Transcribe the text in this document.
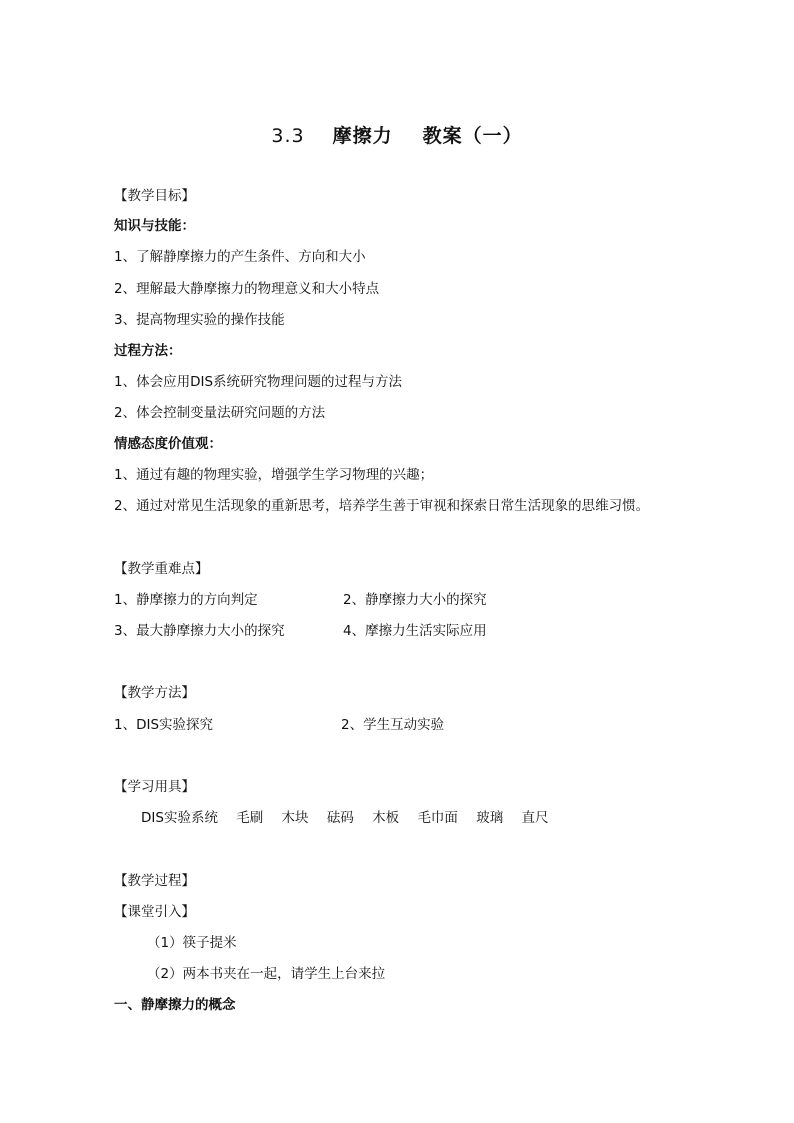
3.3 摩擦力 教案（一）
【教学目标】
知识与技能：
1、了解静摩擦力的产生条件、方向和大小
2、理解最大静摩擦力的物理意义和大小特点
3、提高物理实验的操作技能
过程方法：
1、体会应用DIS系统研究物理问题的过程与方法
2、体会控制变量法研究问题的方法
情感态度价值观：
1、通过有趣的物理实验，增强学生学习物理的兴趣；
2、通过对常见生活现象的重新思考，培养学生善于审视和探索日常生活现象的思维习惯。
【教学重难点】
1、静摩擦力的方向判定	2、静摩擦力大小的探究
3、最大静摩擦力大小的探究	4、摩擦力生活实际应用
【教学方法】
1、DIS实验探究	2、学生互动实验
【学习用具】
DIS实验系统 毛刷 木块 砝码 木板 毛巾面 玻璃 直尺
【教学过程】
【课堂引入】
（1）筷子提米
（2）两本书夹在一起，请学生上台来拉
一、静摩擦力的概念
